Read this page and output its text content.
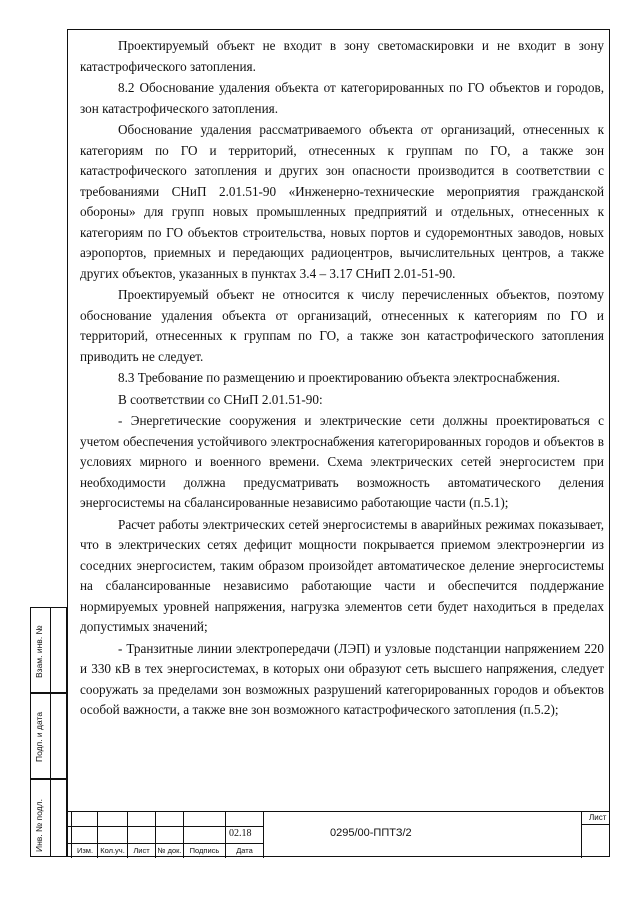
Проектируемый объект не входит в зону светомаскировки и не входит в зону катастрофического затопления.

8.2 Обоснование удаления объекта от категорированных по ГО объектов и городов, зон катастрофического затопления.

Обоснование удаления рассматриваемого объекта от организаций, отнесенных к категориям по ГО и территорий, отнесенных к группам по ГО, а также зон катастрофического затопления и других зон опасности производится в соответствии с требованиями СНиП 2.01.51-90 «Инженерно-технические мероприятия гражданской обороны» для групп новых промышленных предприятий и отдельных, отнесенных к категориям по ГО объектов строительства, новых портов и судоремонтных заводов, новых аэропортов, приемных и передающих радиоцентров, вычислительных центров, а также других объектов, указанных в пунктах 3.4 – 3.17 СНиП 2.01-51-90.

Проектируемый объект не относится к числу перечисленных объектов, поэтому обоснование удаления объекта от организаций, отнесенных к категориям по ГО и территорий, отнесенных к группам по ГО, а также зон катастрофического затопления приводить не следует.

8.3 Требование по размещению и проектированию объекта электроснабжения.

В соответствии со СНиП 2.01.51-90:

- Энергетические сооружения и электрические сети должны проектироваться с учетом обеспечения устойчивого электроснабжения категорированных городов и объектов в условиях мирного и военного времени. Схема электрических сетей энергосистем при необходимости должна предусматривать возможность автоматического деления энергосистемы на сбалансированные независимо работающие части (п.5.1);

Расчет работы электрических сетей энергосистемы в аварийных режимах показывает, что в электрических сетях дефицит мощности покрывается приемом электроэнергии из соседних энергосистем, таким образом произойдет автоматическое деление энергосистемы на сбалансированные независимо работающие части и обеспечится поддержание нормируемых уровней напряжения, нагрузка элементов сети будет находиться в пределах допустимых значений;

- Транзитные линии электропередачи (ЛЭП) и узловые подстанции напряжением 220 и 330 кВ в тех энергосистемах, в которых они образуют сеть высшего напряжения, следует сооружать за пределами зон возможных разрушений категорированных городов и объектов особой важности, а также вне зон возможного катастрофического затопления (п.5.2);

Взам. инв. №
Подп. и дата
Инв. № подл.	Изм. Кол.уч.	Лист	№ док.	Подпись	Дата
02.18	0295/00-ППТЗ/2
Лист
